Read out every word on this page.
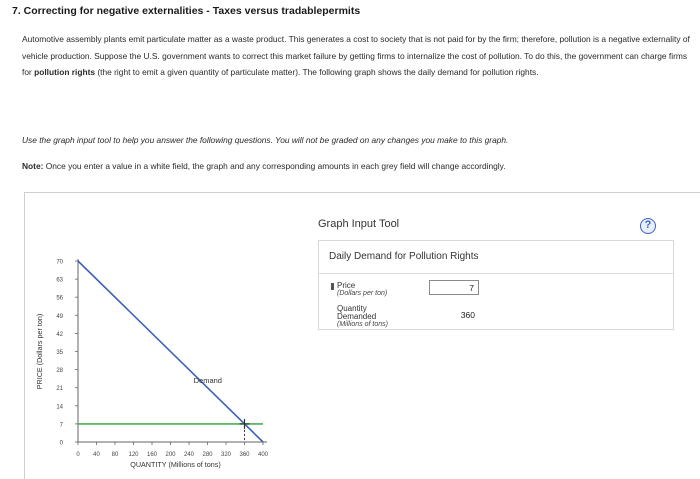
7. Correcting for negative externalities - Taxes versus tradablepermits
Automotive assembly plants emit particulate matter as a waste product. This generates a cost to society that is not paid for by the firm; therefore, pollution is a negative externality of vehicle production. Suppose the U.S. government wants to correct this market failure by getting firms to internalize the cost of pollution. To do this, the government can charge firms for pollution rights (the right to emit a given quantity of particulate matter). The following graph shows the daily demand for pollution rights.
Use the graph input tool to help you answer the following questions. You will not be graded on any changes you make to this graph.
Note: Once you enter a value in a white field, the graph and any corresponding amounts in each grey field will change accordingly.
0
7
14
21
28
35
42
49
56
63
70
0 40 80 120 160 200 240 280 320 360 400
QUANTITY (Millions of tons)
PRICE (Dollars per ton)	Demand
Graph Input Tool	?
Daily Demand for Pollution Rights
Price
(Dollars per ton)
7
Quantity
Demanded
(Millions of tons)
360
